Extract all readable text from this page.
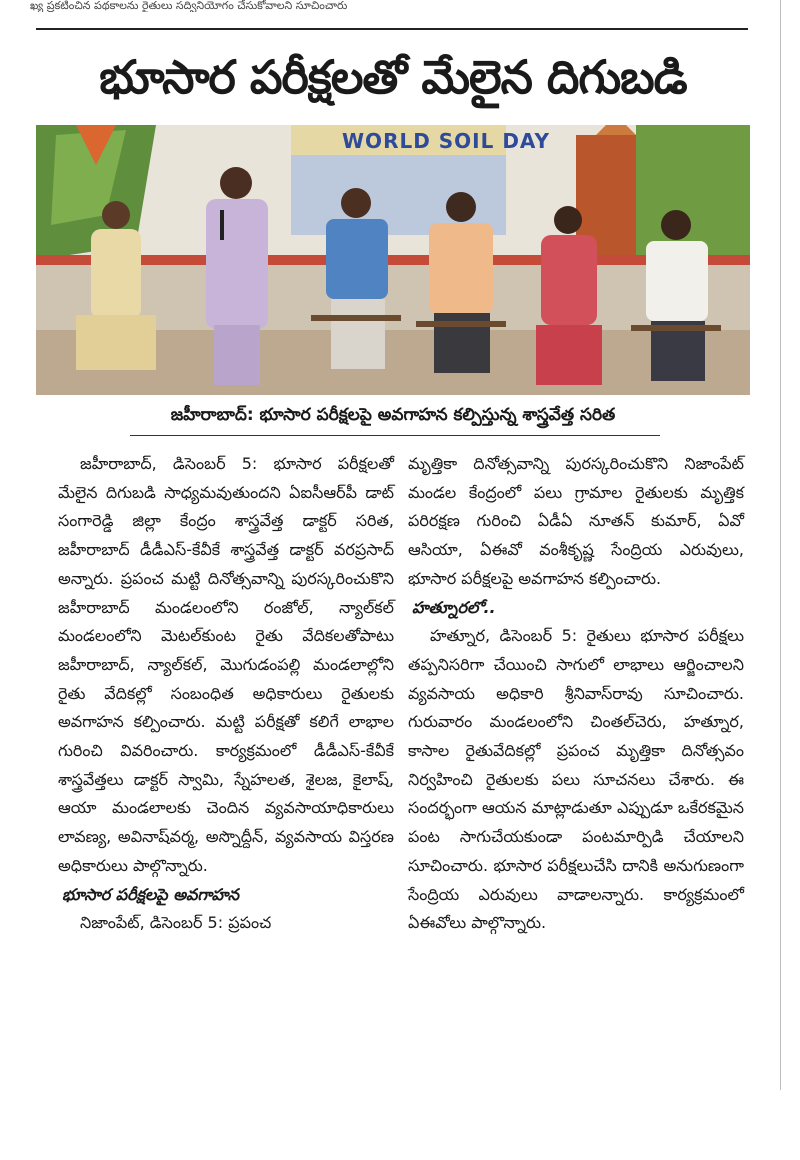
ఖ్య ప్రకటించిన పథకాలను రైతులు సద్వినియోగం చేసుకోవాలని సూచించారు
భూసార పరీక్షలతో మేలైన దిగుబడి
WORLD SOIL DAY
జహీరాబాద్: భూసార పరీక్షలపై అవగాహన కల్పిస్తున్న శాస్త్రవేత్త సరిత

జహీరాబాద్, డిసెంబర్ 5: భూసార పరీక్షలతో మేలైన దిగుబడి సాధ్యమవుతుందని ఏఐసీఆర్‌పీ డాట్ సంగారెడ్డి జిల్లా కేంద్రం శాస్త్రవేత్త డాక్టర్ సరిత, జహీరాబాద్ డీడీఎస్-కేవీకే శాస్త్రవేత్త డాక్టర్ వరప్రసాద్ అన్నారు. ప్రపంచ మట్టి దినోత్సవాన్ని పురస్కరించుకొని జహీరాబాద్ మండలంలోని రంజోల్, న్యాల్‌కల్ మండలంలోని మెటల్‌కుంట రైతు వేదికలతోపాటు జహీరాబాద్, న్యాల్‌కల్, మొగుడంపల్లి మండలాల్లోని రైతు వేదికల్లో సంబంధిత అధికారులు రైతులకు అవగాహన కల్పించారు. మట్టి పరీక్షతో కలిగే లాభాల గురించి వివరించారు. కార్యక్రమంలో డీడీఎస్-కేవీకే శాస్త్రవేత్తలు డాక్టర్ స్వామి, స్నేహలత, శైలజ, కైలాష్, ఆయా మండలాలకు చెందిన వ్యవసాయాధికారులు లావణ్య, అవినాష్‌వర్మ, అస్నొద్దీన్, వ్యవసాయ విస్తరణ అధికారులు పాల్గొన్నారు.

భూసార పరీక్షలపై అవగాహన

నిజాంపేట్, డిసెంబర్ 5: ప్రపంచ

మృత్తికా దినోత్సవాన్ని పురస్కరించుకొని నిజాంపేట్ మండల కేంద్రంలో పలు గ్రామాల రైతులకు మృత్తిక పరిరక్షణ గురించి ఏడీఏ నూతన్ కుమార్, ఏవో ఆసియా, ఏఈవో వంశీకృష్ణ సేంద్రియ ఎరువులు, భూసార పరీక్షలపై అవగాహన కల్పించారు.

హత్నూరలో..

హత్నూర, డిసెంబర్ 5: రైతులు భూసార పరీక్షలు తప్పనిసరిగా చేయించి సాగులో లాభాలు ఆర్జించాలని వ్యవసాయ అధికారి శ్రీనివాస్‌రావు సూచించారు. గురువారం మండలంలోని చింతల్‌చెరు, హత్నూర, కాసాల రైతువేదికల్లో ప్రపంచ మృత్తికా దినోత్సవం నిర్వహించి రైతులకు పలు సూచనలు చేశారు. ఈ సందర్భంగా ఆయన మాట్లాడుతూ ఎప్పుడూ ఒకేరకమైన పంట సాగుచేయకుండా పంటమార్పిడి చేయాలని సూచించారు. భూసార పరీక్షలుచేసి దానికి అనుగుణంగా సేంద్రియ ఎరువులు వాడాలన్నారు. కార్యక్రమంలో ఏఈవోలు పాల్గొన్నారు.
